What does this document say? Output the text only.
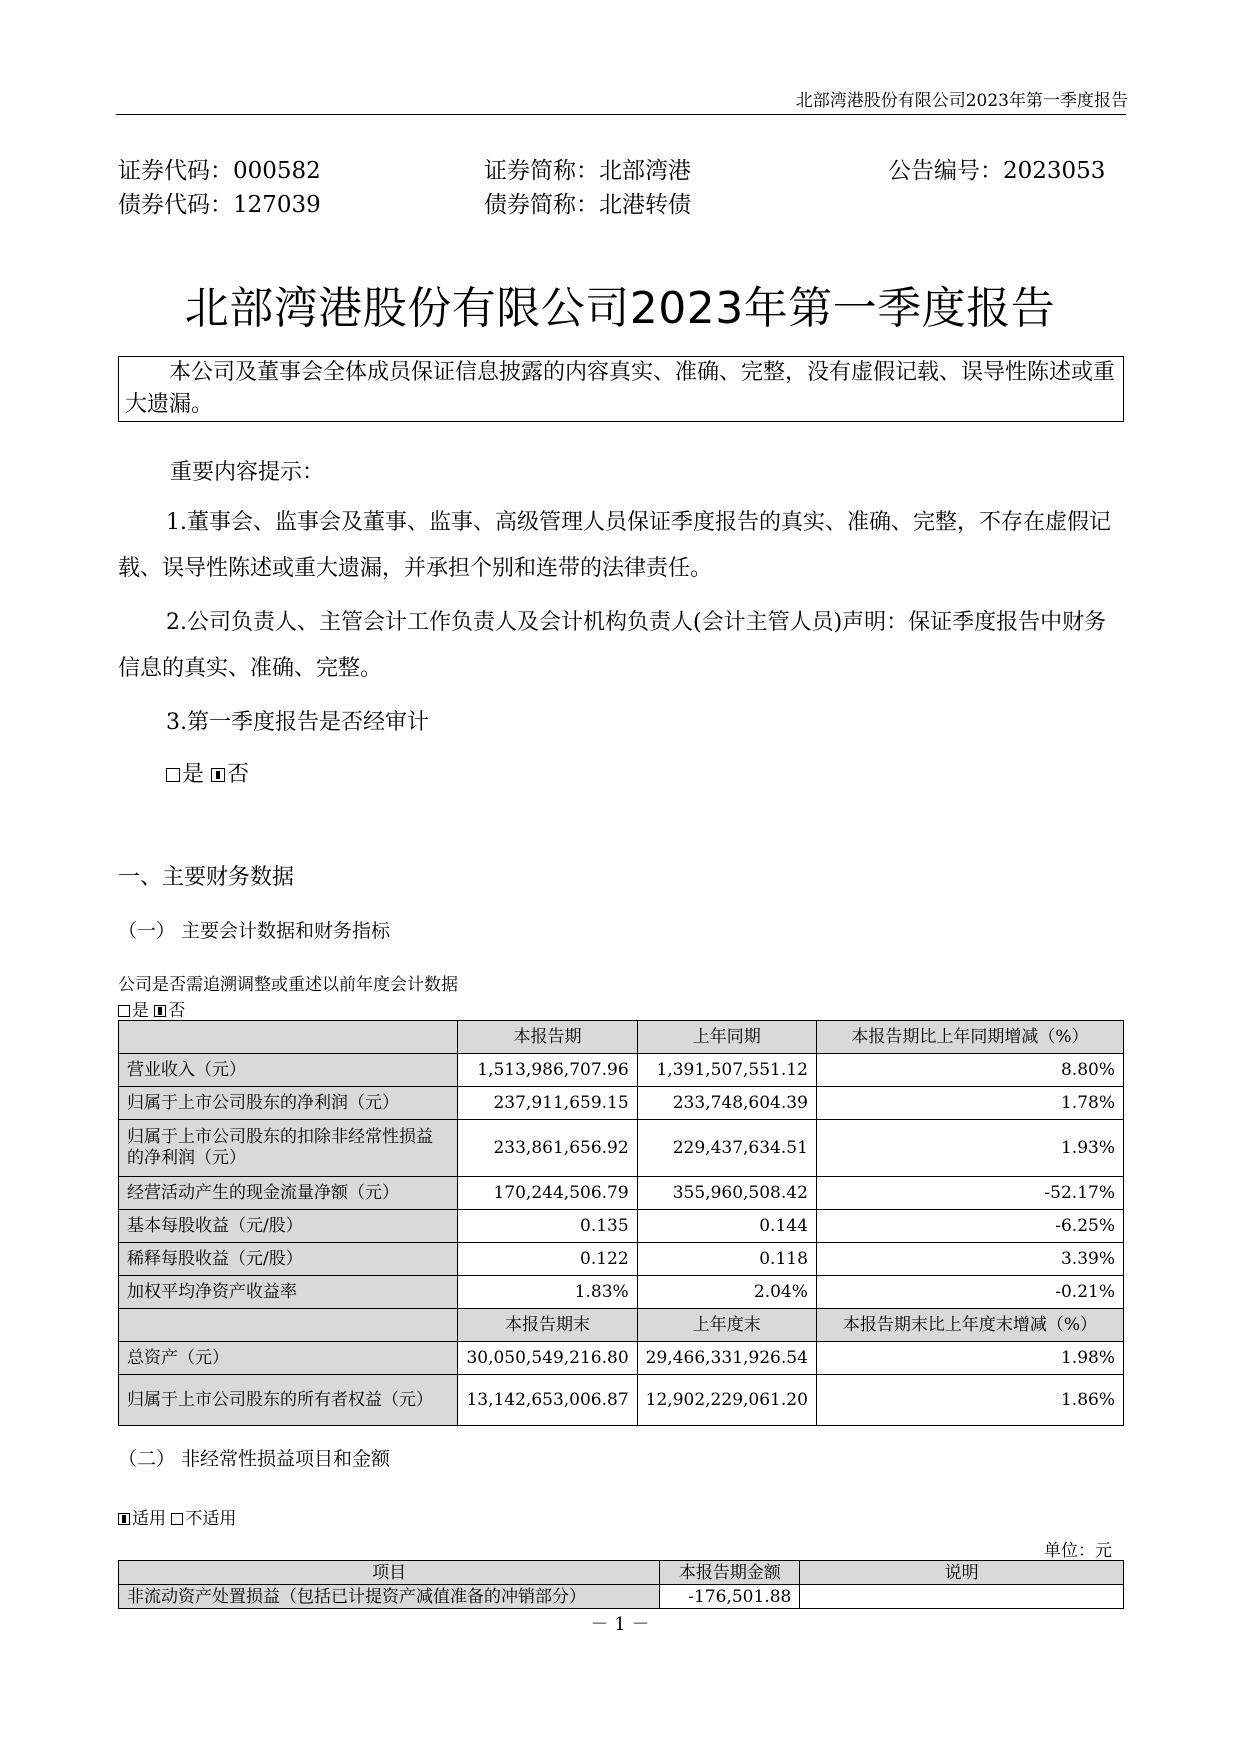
北部湾港股份有限公司2023年第一季度报告
证券代码：000582	证券简称：北部湾港	公告编号：2023053
债券代码：127039	债券简称：北港转债
北部湾港股份有限公司2023年第一季度报告
本公司及董事会全体成员保证信息披露的内容真实、准确、完整，没有虚假记载、误导性陈述或重大遗漏。
重要内容提示：
1.董事会、监事会及董事、监事、高级管理人员保证季度报告的真实、准确、完整，不存在虚假记载、误导性陈述或重大遗漏，并承担个别和连带的法律责任。
2.公司负责人、主管会计工作负责人及会计机构负责人(会计主管人员)声明：保证季度报告中财务信息的真实、准确、完整。
3.第一季度报告是否经审计
是 否
一、主要财务数据
（一） 主要会计数据和财务指标
公司是否需追溯调整或重述以前年度会计数据
是 否
	本报告期	上年同期	本报告期比上年同期增减（%）
营业收入（元）	1,513,986,707.96	1,391,507,551.12	8.80%
归属于上市公司股东的净利润（元）	237,911,659.15	233,748,604.39	1.78%
归属于上市公司股东的扣除非经常性损益的净利润（元）	233,861,656.92	229,437,634.51	1.93%
经营活动产生的现金流量净额（元）	170,244,506.79	355,960,508.42	-52.17%
基本每股收益（元/股）	0.135	0.144	-6.25%
稀释每股收益（元/股）	0.122	0.118	3.39%
加权平均净资产收益率	1.83%	2.04%	-0.21%
	本报告期末	上年度末	本报告期末比上年度末增减（%）
总资产（元）	30,050,549,216.80	29,466,331,926.54	1.98%
归属于上市公司股东的所有者权益（元）	13,142,653,006.87	12,902,229,061.20	1.86%
（二） 非经常性损益项目和金额
适用 不适用
单位：元
项目	本报告期金额	说明
非流动资产处置损益（包括已计提资产减值准备的冲销部分）	-176,501.88	
－ 1 －
